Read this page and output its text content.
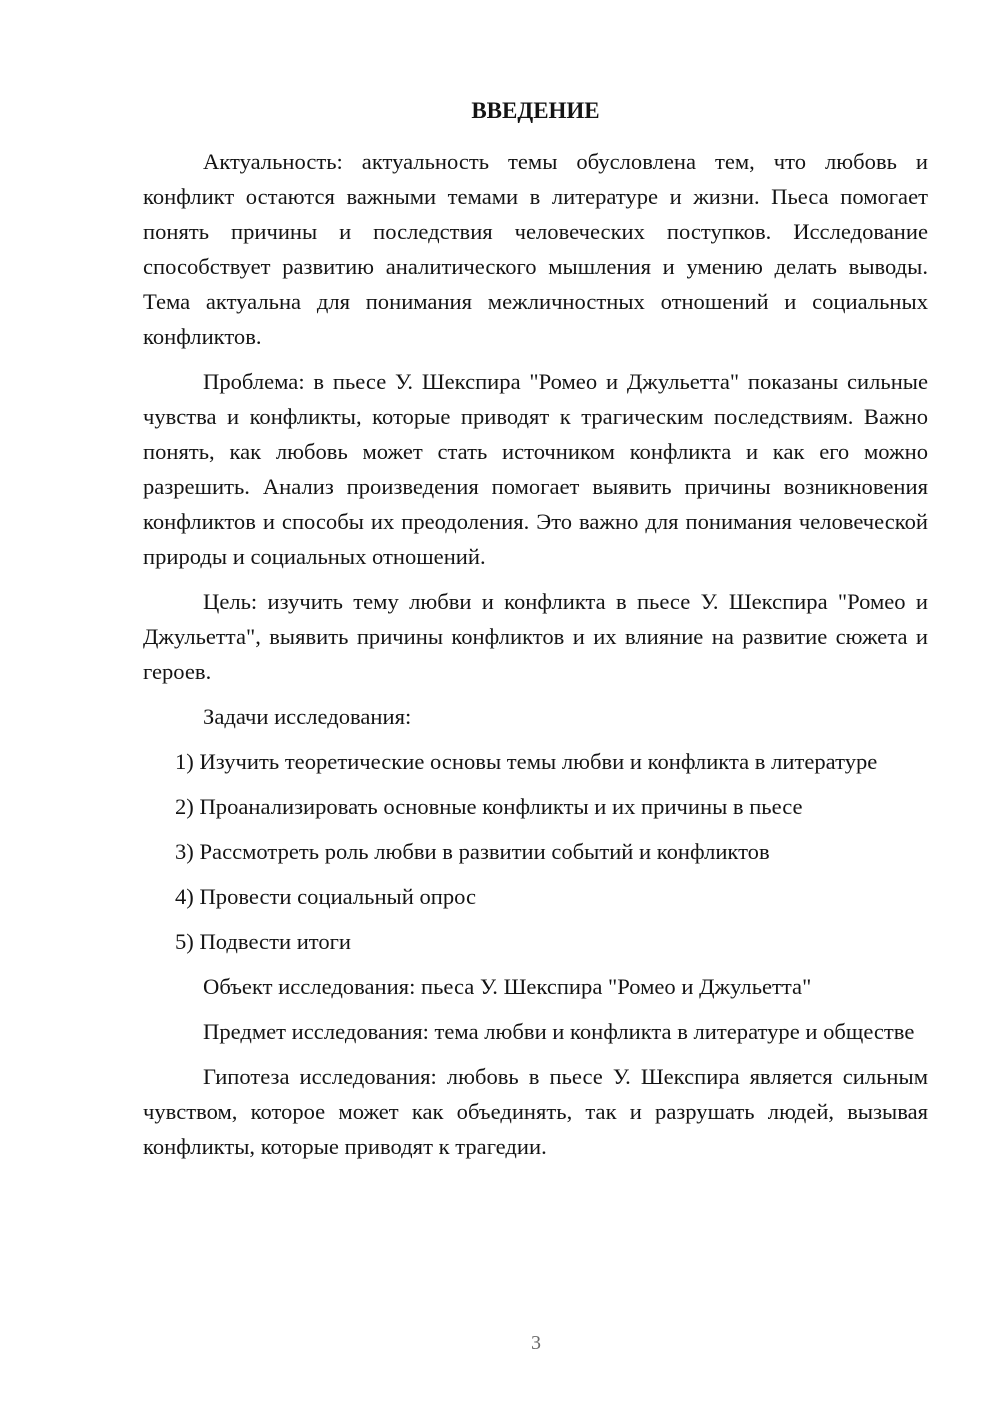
ВВЕДЕНИЕ

Актуальность: актуальность темы обусловлена тем, что любовь и конфликт остаются важными темами в литературе и жизни. Пьеса помогает понять причины и последствия человеческих поступков. Исследование способствует развитию аналитического мышления и умению делать выводы. Тема актуальна для понимания межличностных отношений и социальных конфликтов.

Проблема: в пьесе У. Шекспира "Ромео и Джульетта" показаны сильные чувства и конфликты, которые приводят к трагическим последствиям. Важно понять, как любовь может стать источником конфликта и как его можно разрешить. Анализ произведения помогает выявить причины возникновения конфликтов и способы их преодоления. Это важно для понимания человеческой природы и социальных отношений.

Цель: изучить тему любви и конфликта в пьесе У. Шекспира "Ромео и Джульетта", выявить причины конфликтов и их влияние на развитие сюжета и героев.

Задачи исследования:

1) Изучить теоретические основы темы любви и конфликта в литературе

2) Проанализировать основные конфликты и их причины в пьесе
3) Рассмотреть роль любви в развитии событий и конфликтов
4) Провести социальный опрос
5) Подвести итоги
Объект исследования: пьеса У. Шекспира "Ромео и Джульетта"

Предмет исследования: тема любви и конфликта в литературе и обществе

Гипотеза исследования: любовь в пьесе У. Шекспира является сильным чувством, которое может как объединять, так и разрушать людей, вызывая конфликты, которые приводят к трагедии.

3
